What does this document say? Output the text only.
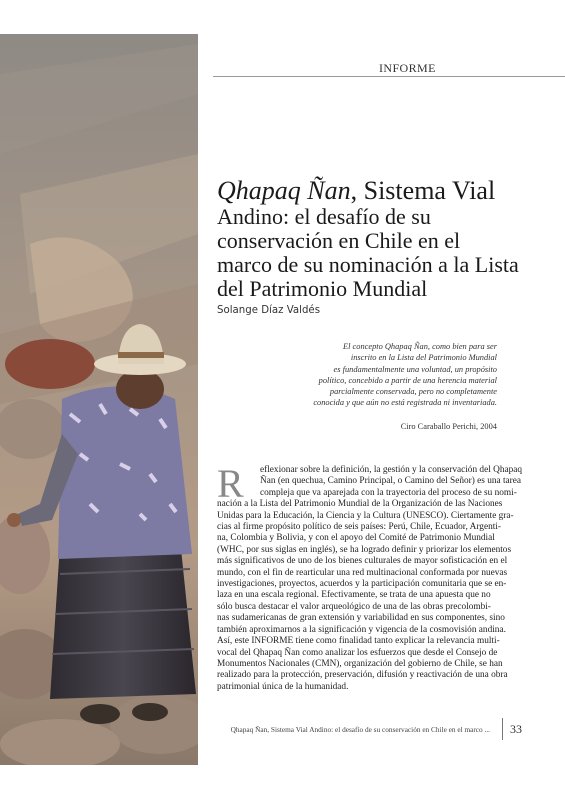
INFORME
Qhapaq Ñan, Sistema Vial
Andino: el desafío de su
conservación en Chile en el
marco de su nominación a la Lista
del Patrimonio Mundial
Solange Díaz Valdés
El concepto Qhapaq Ñan, como bien para ser
inscrito en la Lista del Patrimonio Mundial
es fundamentalmente una voluntad, un propósito
político, concebido a partir de una herencia material
parcialmente conservada, pero no completamente
conocida y que aún no está registrada ni inventariada.
Ciro Caraballo Perichi, 2004
R	eflexionar sobre la definición, la gestión y la conservación del Qhapaq
Ñan (en quechua, Camino Principal, o Camino del Señor) es una tarea
compleja que va aparejada con la trayectoria del proceso de su nomi-
nación a la Lista del Patrimonio Mundial de la Organización de las Naciones
Unidas para la Educación, la Ciencia y la Cultura (UNESCO). Ciertamente gra-
cias al firme propósito político de seis países: Perú, Chile, Ecuador, Argenti-
na, Colombia y Bolivia, y con el apoyo del Comité de Patrimonio Mundial
(WHC, por sus siglas en inglés), se ha logrado definir y priorizar los elementos
más significativos de uno de los bienes culturales de mayor sofisticación en el
mundo, con el fin de rearticular una red multinacional conformada por nuevas
investigaciones, proyectos, acuerdos y la participación comunitaria que se en-
laza en una escala regional. Efectivamente, se trata de una apuesta que no
sólo busca destacar el valor arqueológico de una de las obras precolombi-
nas sudamericanas de gran extensión y variabilidad en sus componentes, sino
también aproximarnos a la significación y vigencia de la cosmovisión andina.
Así, este INFORME tiene como finalidad tanto explicar la relevancia multi-
vocal del Qhapaq Ñan como analizar los esfuerzos que desde el Consejo de
Monumentos Nacionales (CMN), organización del gobierno de Chile, se han
realizado para la protección, preservación, difusión y reactivación de una obra
patrimonial única de la humanidad.
Qhapaq Ñan, Sistema Vial Andino: el desafío de su conservación en Chile en el marco ... 33
